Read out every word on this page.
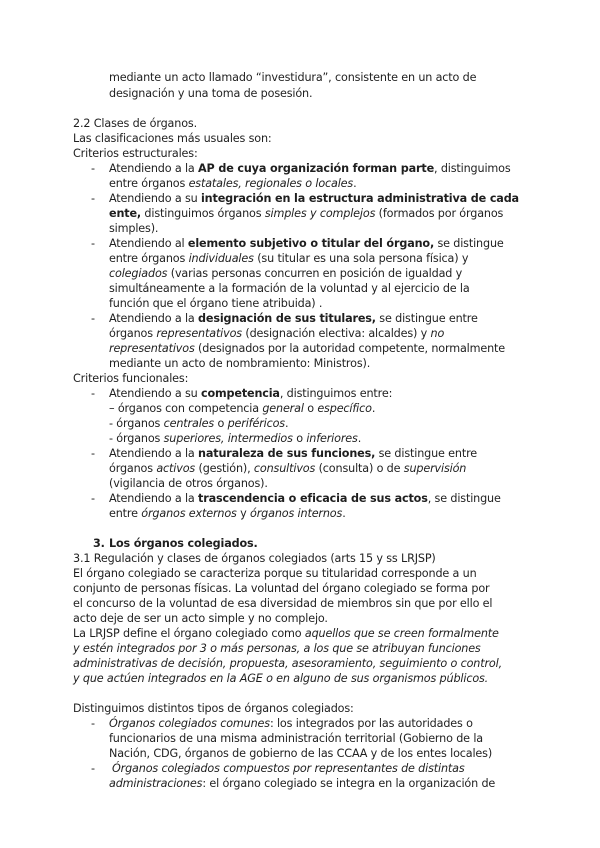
mediante un acto llamado “investidura”, consistente en un acto de
designación y una toma de posesión.
2.2 Clases de órganos.
Las clasificaciones más usuales son:
Criterios estructurales:
- Atendiendo a la AP de cuya organización forman parte, distinguimos
entre órganos estatales, regionales o locales.
- Atendiendo a su integración en la estructura administrativa de cada
ente, distinguimos órganos simples y complejos (formados por órganos
simples).
- Atendiendo al elemento subjetivo o titular del órgano, se distingue
entre órganos individuales (su titular es una sola persona física) y
colegiados (varias personas concurren en posición de igualdad y
simultáneamente a la formación de la voluntad y al ejercicio de la
función que el órgano tiene atribuida) .
- Atendiendo a la designación de sus titulares, se distingue entre
órganos representativos (designación electiva: alcaldes) y no
representativos (designados por la autoridad competente, normalmente
mediante un acto de nombramiento: Ministros).
Criterios funcionales:
- Atendiendo a su competencia, distinguimos entre:
– órganos con competencia general o específico.
- órganos centrales o periféricos.
- órganos superiores, intermedios o inferiores.
- Atendiendo a la naturaleza de sus funciones, se distingue entre
órganos activos (gestión), consultivos (consulta) o de supervisión
(vigilancia de otros órganos).
- Atendiendo a la trascendencia o eficacia de sus actos, se distingue
entre órganos externos y órganos internos.
3. Los órganos colegiados.
3.1 Regulación y clases de órganos colegiados (arts 15 y ss LRJSP)
El órgano colegiado se caracteriza porque su titularidad corresponde a un
conjunto de personas físicas. La voluntad del órgano colegiado se forma por
el concurso de la voluntad de esa diversidad de miembros sin que por ello el
acto deje de ser un acto simple y no complejo.
La LRJSP define el órgano colegiado como aquellos que se creen formalmente
y estén integrados por 3 o más personas, a los que se atribuyan funciones
administrativas de decisión, propuesta, asesoramiento, seguimiento o control,
y que actúen integrados en la AGE o en alguno de sus organismos públicos.
Distinguimos distintos tipos de órganos colegiados:
- Órganos colegiados comunes: los integrados por las autoridades o
funcionarios de una misma administración territorial (Gobierno de la
Nación, CDG, órganos de gobierno de las CCAA y de los entes locales)
- Órganos colegiados compuestos por representantes de distintas
administraciones: el órgano colegiado se integra en la organización de
